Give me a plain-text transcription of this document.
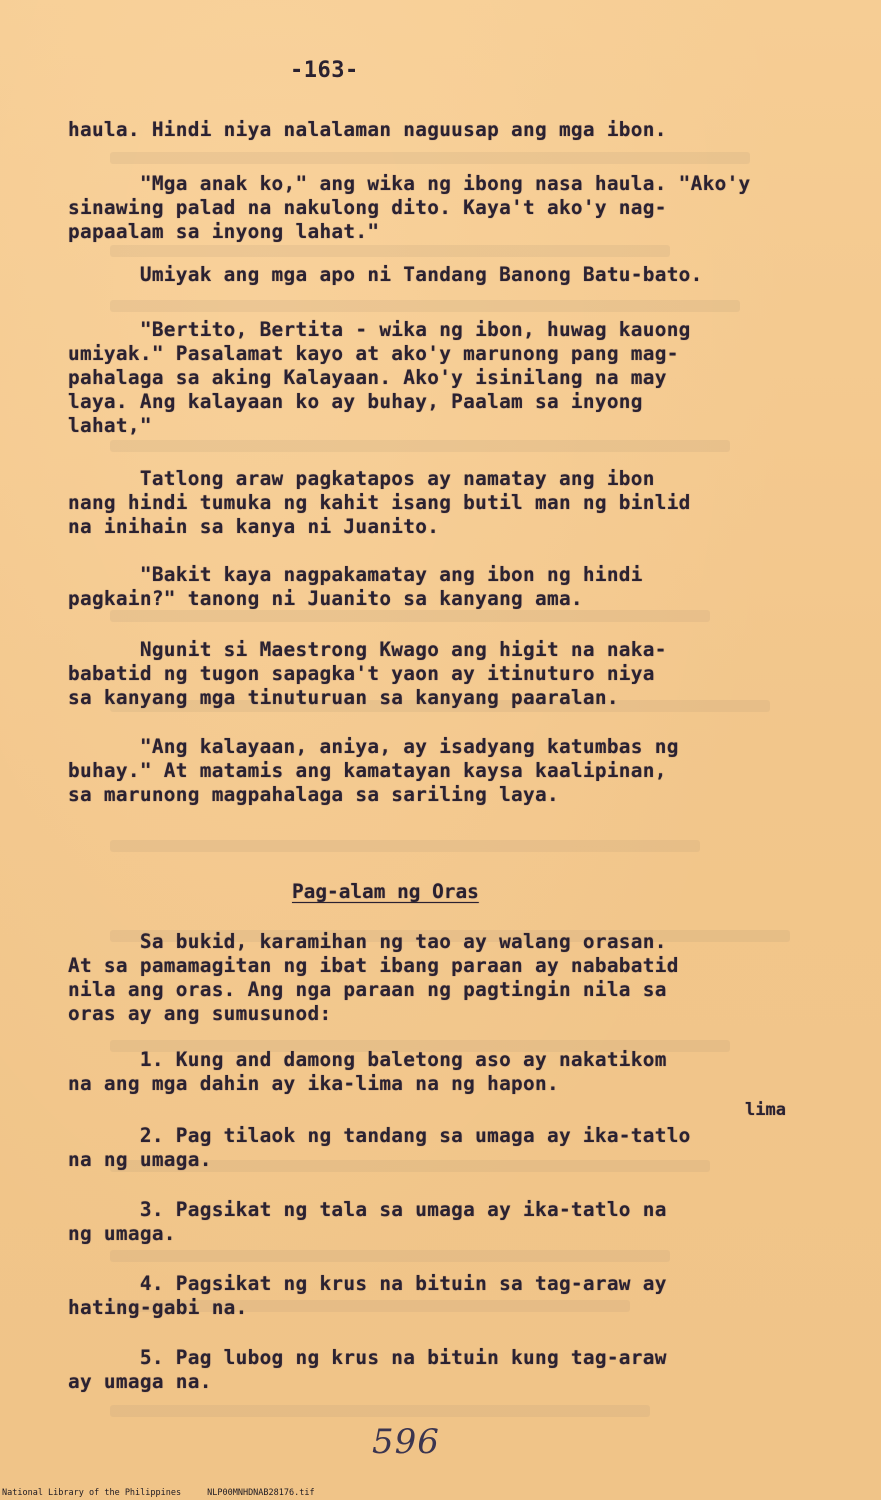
-163-
haula. Hindi niya nalalaman naguusap ang mga ibon.
"Mga anak ko," ang wika ng ibong nasa haula. "Ako'y
sinawing palad na nakulong dito. Kaya't ako'y nag-
papaalam sa inyong lahat."
Umiyak ang mga apo ni Tandang Banong Batu-bato.
"Bertito, Bertita - wika ng ibon, huwag kauong
umiyak." Pasalamat kayo at ako'y marunong pang mag-
pahalaga sa aking Kalayaan. Ako'y isinilang na may
laya. Ang kalayaan ko ay buhay, Paalam sa inyong
lahat,"
Tatlong araw pagkatapos ay namatay ang ibon
nang hindi tumuka ng kahit isang butil man ng binlid
na inihain sa kanya ni Juanito.
"Bakit kaya nagpakamatay ang ibon ng hindi
pagkain?" tanong ni Juanito sa kanyang ama.
Ngunit si Maestrong Kwago ang higit na naka-
babatid ng tugon sapagka't yaon ay itinuturo niya
sa kanyang mga tinuturuan sa kanyang paaralan.
"Ang kalayaan, aniya, ay isadyang katumbas ng
buhay." At matamis ang kamatayan kaysa kaalipinan,
sa marunong magpahalaga sa sariling laya.
Pag-alam ng Oras
Sa bukid, karamihan ng tao ay walang orasan.
At sa pamamagitan ng ibat ibang paraan ay nababatid
nila ang oras. Ang nga paraan ng pagtingin nila sa
oras ay ang sumusunod:
1. Kung and damong baletong aso ay nakatikom
na ang mga dahin ay ika-lima na ng hapon.
lima
2. Pag tilaok ng tandang sa umaga ay ika-tatlo
na ng umaga.
3. Pagsikat ng tala sa umaga ay ika-tatlo na
ng umaga.
4. Pagsikat ng krus na bituin sa tag-araw ay
hating-gabi na.
5. Pag lubog ng krus na bituin kung tag-araw
ay umaga na.
596
National Library of the Philippines	NLP00MNHDNAB28176.tif
